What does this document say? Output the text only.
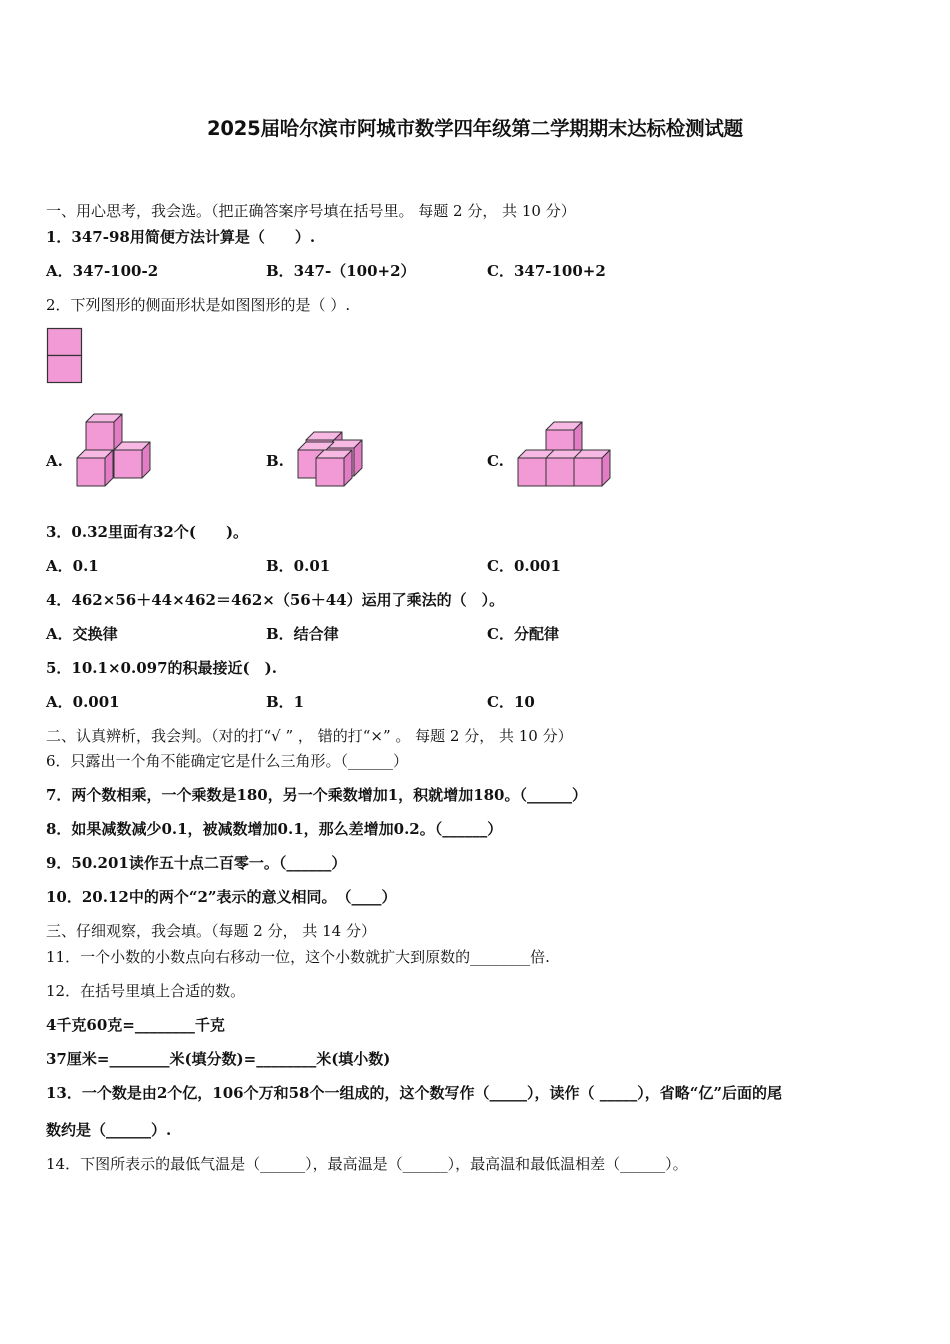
2025届哈尔滨市阿城市数学四年级第二学期期末达标检测试题
一、用心思考，我会选。（把正确答案序号填在括号里。 每题 2 分， 共 10 分）
1．347-98用简便方法计算是（　　）.
A．347-100-2	B．347-（100+2）	C．347-100+2
2．下列图形的侧面形状是如图图形的是（ ）.
A.	B.	C.
3．0.32里面有32个(　　)。
A．0.1	B．0.01	C．0.001
4．462×56＋44×462＝462×（56＋44）运用了乘法的（　）。
A．交换律	B．结合律	C．分配律
5．10.1×0.097的积最接近(　).
A．0.001	B．1	C．10
二、认真辨析，我会判。（对的打“√ ” ， 错的打“×” 。 每题 2 分， 共 10 分）
6．只露出一个角不能确定它是什么三角形。（______）
7．两个数相乘，一个乘数是180，另一个乘数增加1，积就增加180。（______）
8．如果减数减少0.1，被减数增加0.1，那么差增加0.2。（______）
9．50.201读作五十点二百零一。（______）
10．20.12中的两个“2”表示的意义相同。　（____）
三、仔细观察，我会填。（每题 2 分， 共 14 分）
11．一个小数的小数点向右移动一位，这个小数就扩大到原数的________倍.
12．在括号里填上合适的数。
4千克60克=________千克
37厘米=________米(填分数)=________米(填小数)
13．一个数是由2个亿，106个万和58个一组成的，这个数写作（_____），读作（ _____），省略“亿”后面的尾
数约是（______）.
14．下图所表示的最低气温是（______），最高温是（______），最高温和最低温相差（______）。
